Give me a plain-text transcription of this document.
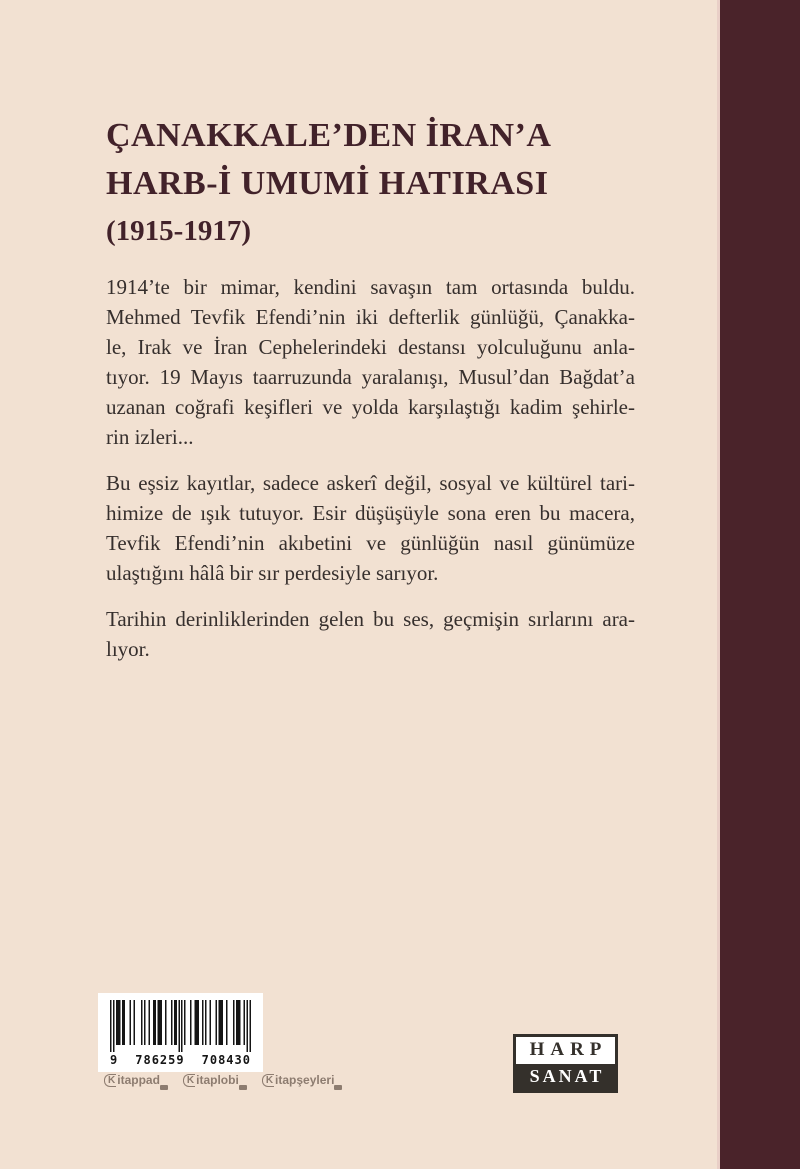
ÇANAKKALE’DEN İRAN’A
HARB-İ UMUMİ HATIRASI
(1915-1917)
1914’te bir mimar, kendini savaşın tam ortasında buldu.
Mehmed Tevfik Efendi’nin iki defterlik günlüğü, Çanakka-
le, Irak ve İran Cephelerindeki destansı yolculuğunu anla-
tıyor. 19 Mayıs taarruzunda yaralanışı, Musul’dan Bağdat’a
uzanan coğrafi keşifleri ve yolda karşılaştığı kadim şehirle-
rin izleri...
Bu eşsiz kayıtlar, sadece askerî değil, sosyal ve kültürel tari-
himize de ışık tutuyor. Esir düşüşüyle sona eren bu macera,
Tevfik Efendi’nin akıbetini ve günlüğün nasıl günümüze
ulaştığını hâlâ bir sır perdesiyle sarıyor.
Tarihin derinliklerinden gelen bu ses, geçmişin sırlarını ara-
lıyor.
9 786259 708430
K itappad	K itaplobi	K itapşeyleri
HARP
SANAT
